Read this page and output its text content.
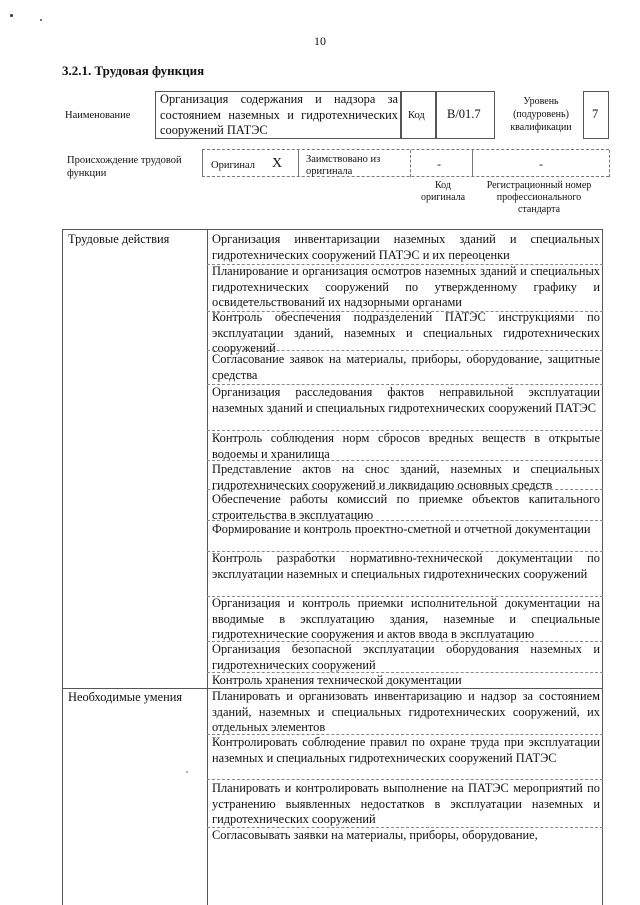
10
3.2.1. Трудовая функция
Наименование
Организация содержания и надзора за состоянием наземных и гидротехнических сооружений ПАТЭС
Код В/01.7
Уровень (подуровень) квалификации
7
Происхождение трудовой функции
Оригинал X Заимствовано из оригинала
-	-
Код оригинала
Регистрационный номер профессионального стандарта
Трудовые действия	Организация инвентаризации наземных зданий и специальных гидротехнических сооружений ПАТЭС и их переоценки
Планирование и организация осмотров наземных зданий и специальных гидротехнических сооружений по утвержденному графику и освидетельствований их надзорными органами
Контроль обеспечения подразделений ПАТЭС инструкциями по эксплуатации зданий, наземных и специальных гидротехнических сооружений
Согласование заявок на материалы, приборы, оборудование, защитные средства
Организация расследования фактов неправильной эксплуатации наземных зданий и специальных гидротехнических сооружений ПАТЭС
Контроль соблюдения норм сбросов вредных веществ в открытые водоемы и хранилища
Представление актов на снос зданий, наземных и специальных гидротехнических сооружений и ликвидацию основных средств
Обеспечение работы комиссий по приемке объектов капитального строительства в эксплуатацию
Формирование и контроль проектно-сметной и отчетной документации
Контроль разработки нормативно-технической документации по эксплуатации наземных и специальных гидротехнических сооружений
Организация и контроль приемки исполнительной документации на вводимые в эксплуатацию здания, наземные и специальные гидротехнические сооружения и актов ввода в эксплуатацию
Организация безопасной эксплуатации оборудования наземных и гидротехнических сооружений
Контроль хранения технической документации
Необходимые умения Планировать и организовать инвентаризацию и надзор за состоянием зданий, наземных и специальных гидротехнических сооружений, их отдельных элементов
Контролировать соблюдение правил по охране труда при эксплуатации наземных и специальных гидротехнических сооружений ПАТЭС
Планировать и контролировать выполнение на ПАТЭС мероприятий по устранению выявленных недостатков в эксплуатации наземных и гидротехнических сооружений
Согласовывать заявки на материалы, приборы, оборудование,
